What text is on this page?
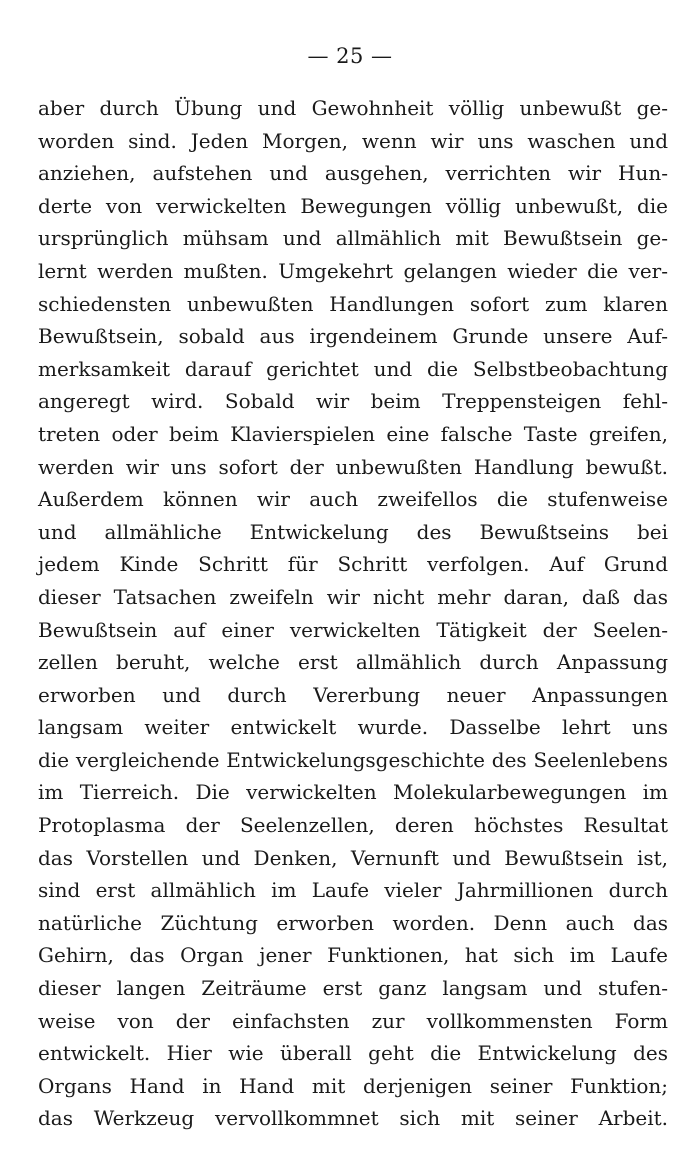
— 25 —
aber durch Übung und Gewohnheit völlig unbewußt ge-
worden sind. Jeden Morgen, wenn wir uns waschen und
anziehen, aufstehen und ausgehen, verrichten wir Hun-
derte von verwickelten Bewegungen völlig unbewußt, die
ursprünglich mühsam und allmählich mit Bewußtsein ge-
lernt werden mußten. Umgekehrt gelangen wieder die ver-
schiedensten unbewußten Handlungen sofort zum klaren
Bewußtsein, sobald aus irgendeinem Grunde unsere Auf-
merksamkeit darauf gerichtet und die Selbstbeobachtung
angeregt wird. Sobald wir beim Treppensteigen fehl-
treten oder beim Klavierspielen eine falsche Taste greifen,
werden wir uns sofort der unbewußten Handlung bewußt.
Außerdem können wir auch zweifellos die stufenweise
und allmähliche Entwickelung des Bewußtseins bei
jedem Kinde Schritt für Schritt verfolgen. Auf Grund
dieser Tatsachen zweifeln wir nicht mehr daran, daß das
Bewußtsein auf einer verwickelten Tätigkeit der Seelen-
zellen beruht, welche erst allmählich durch Anpassung
erworben und durch Vererbung neuer Anpassungen
langsam weiter entwickelt wurde. Dasselbe lehrt uns
die vergleichende Entwickelungsgeschichte des Seelenlebens
im Tierreich. Die verwickelten Molekularbewegungen im
Protoplasma der Seelenzellen, deren höchstes Resultat
das Vorstellen und Denken, Vernunft und Bewußtsein ist,
sind erst allmählich im Laufe vieler Jahrmillionen durch
natürliche Züchtung erworben worden. Denn auch das
Gehirn, das Organ jener Funktionen, hat sich im Laufe
dieser langen Zeiträume erst ganz langsam und stufen-
weise von der einfachsten zur vollkommensten Form
entwickelt. Hier wie überall geht die Entwickelung des
Organs Hand in Hand mit derjenigen seiner Funktion;
das Werkzeug vervollkommnet sich mit seiner Arbeit.
